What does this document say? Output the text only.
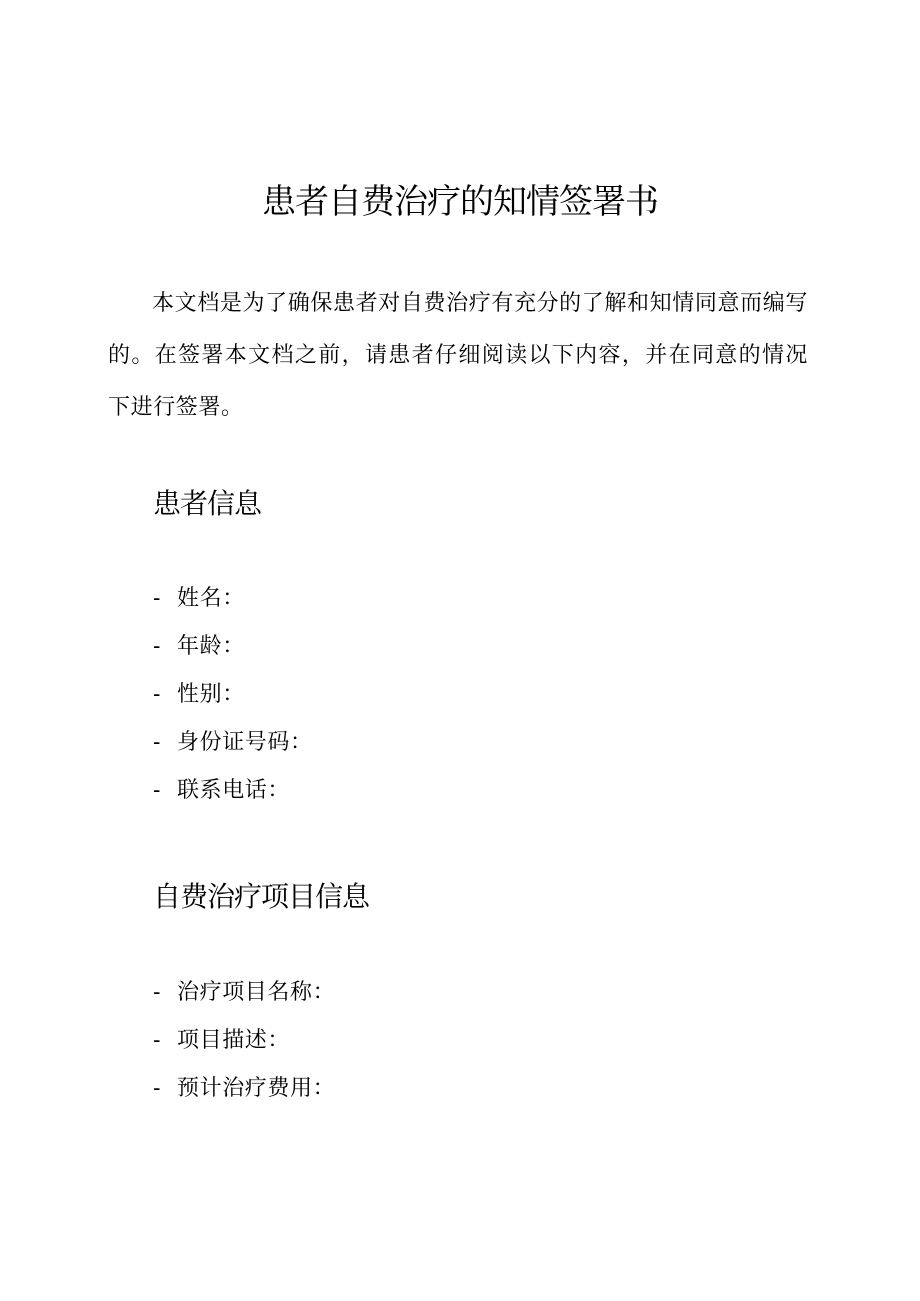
患者自费治疗的知情签署书

本文档是为了确保患者对自费治疗有充分的了解和知情同意而编写的。在签署本文档之前，请患者仔细阅读以下内容，并在同意的情况下进行签署。

患者信息
- 姓名：
- 年龄：
- 性别：
- 身份证号码：
- 联系电话：
自费治疗项目信息
- 治疗项目名称：
- 项目描述：
- 预计治疗费用：
